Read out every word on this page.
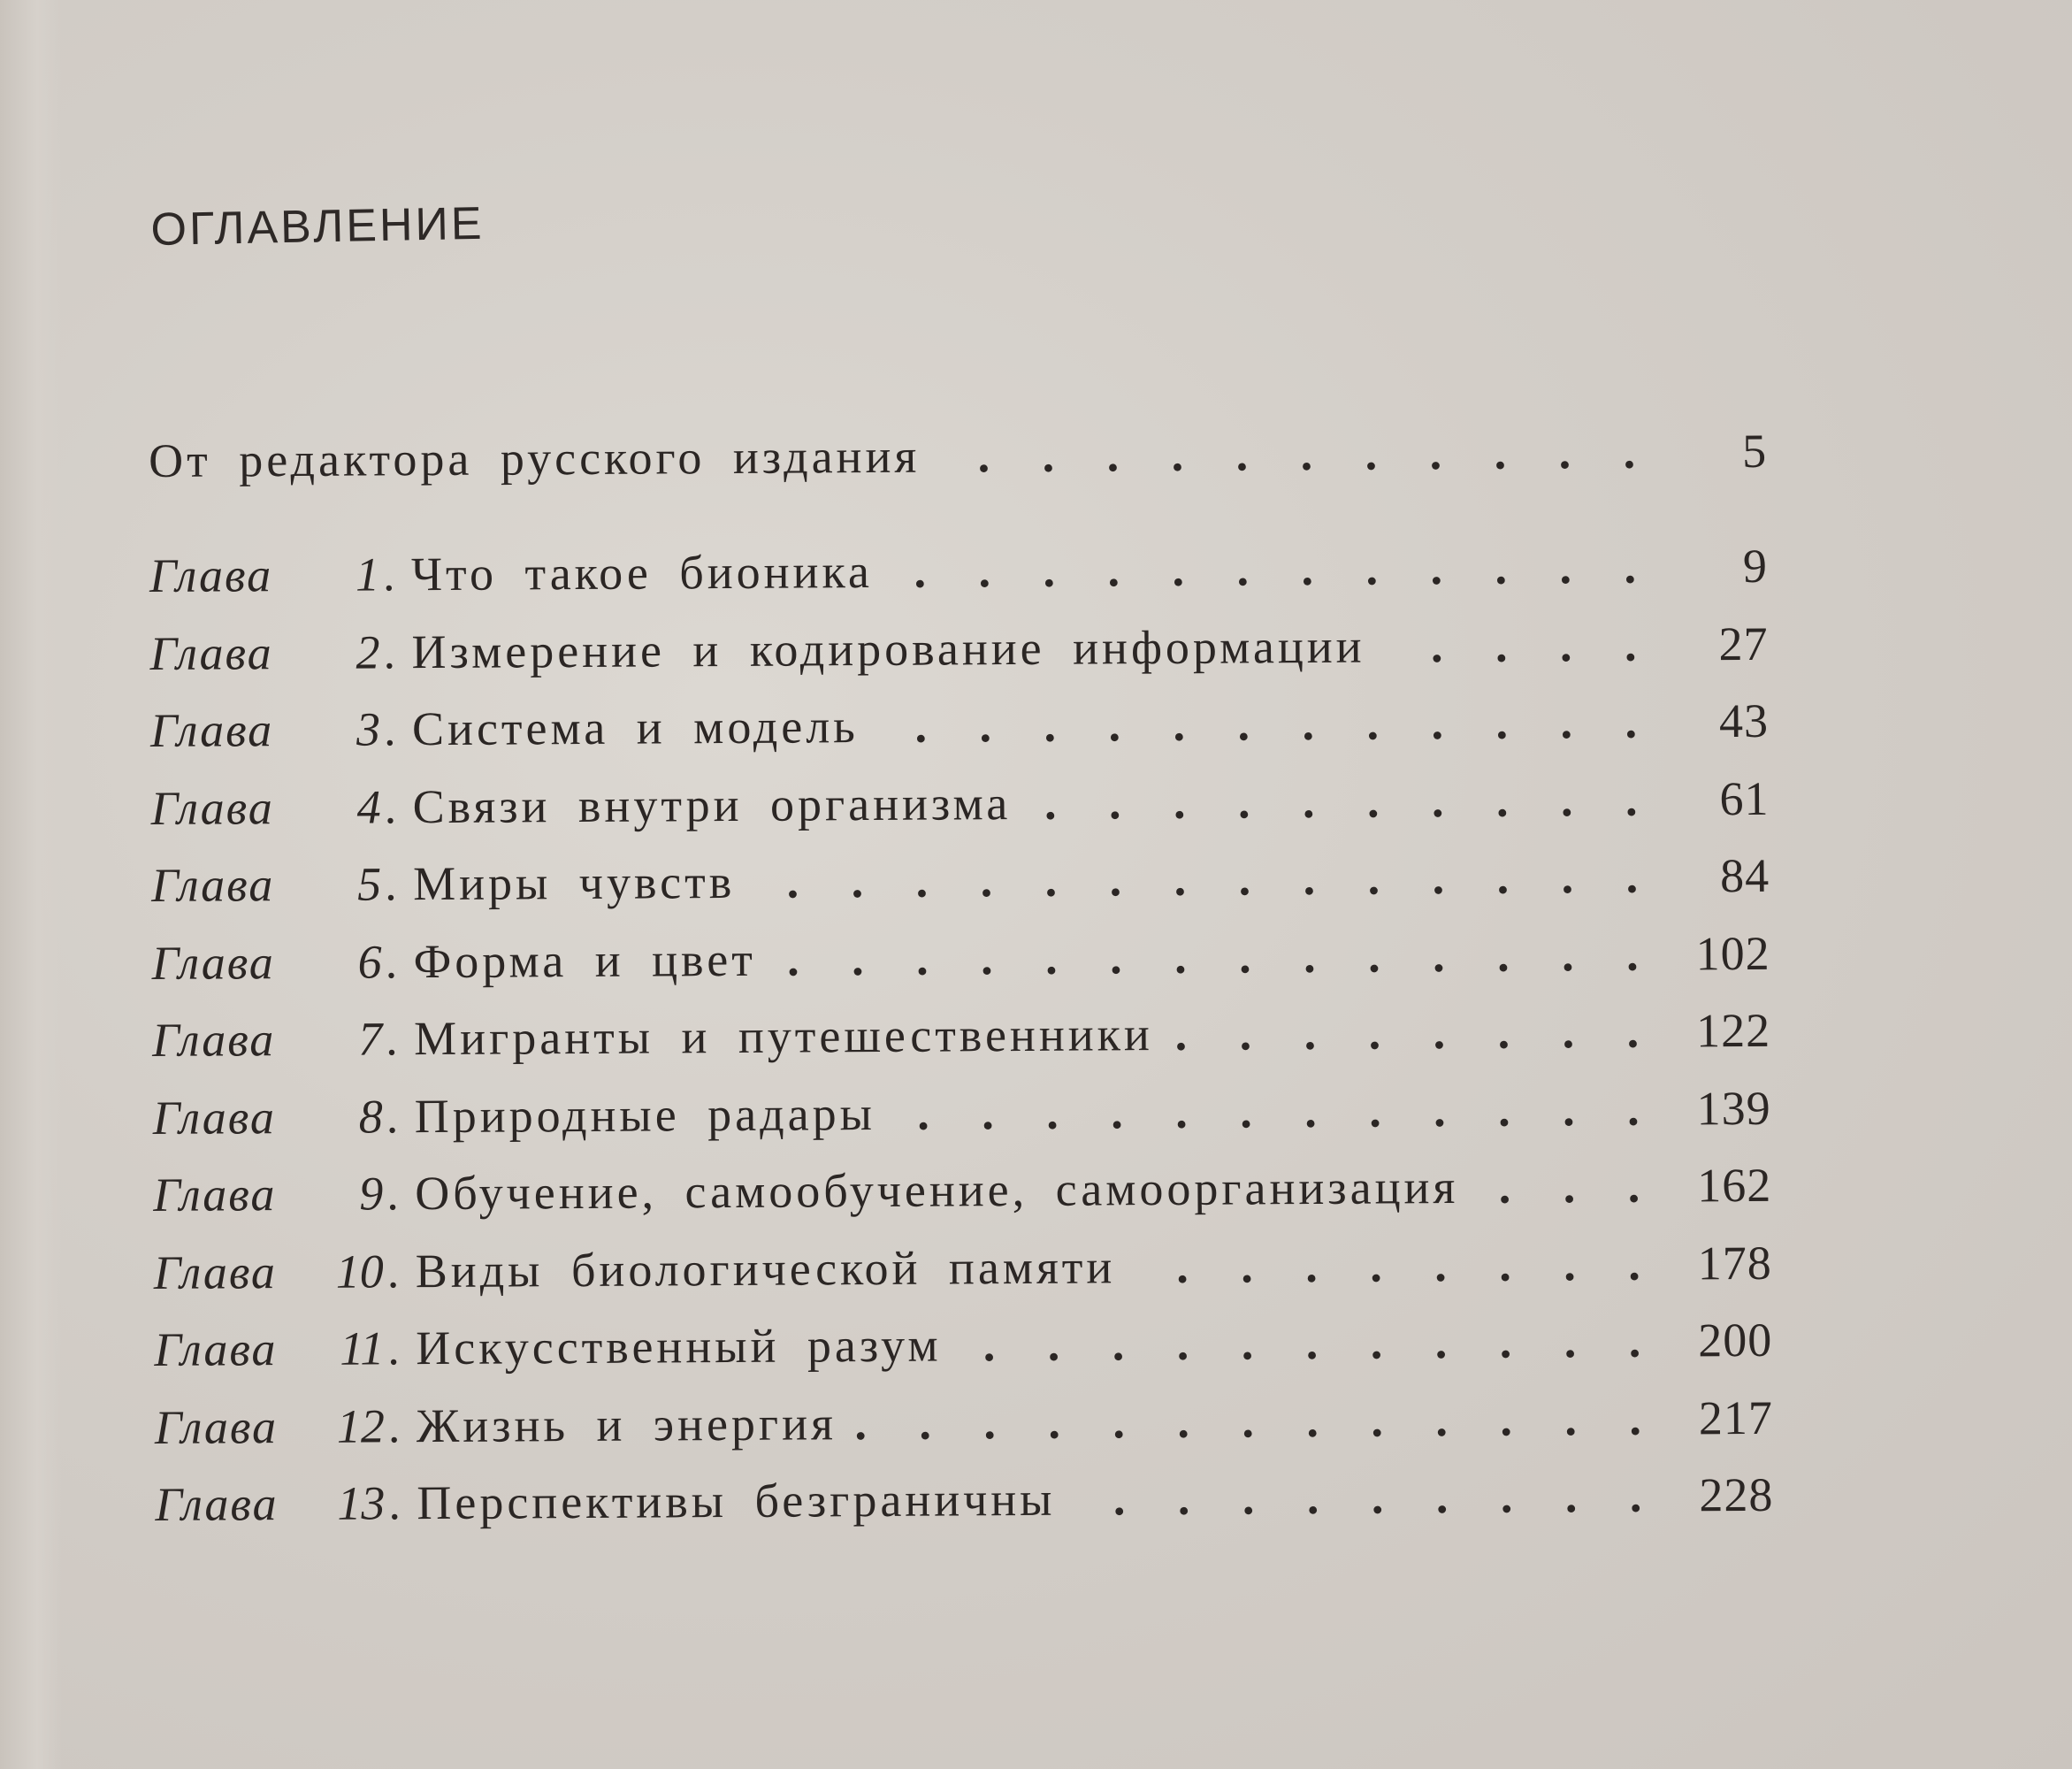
ОГЛАВЛЕНИЕ
От редактора русского издания . . .	5
Глава	1 . Что такое бионика . . .	9
Глава	2 . Измерение и кодирование информации . . .	27
Глава	3 . Система и модель . . .	43
Глава	4 . Связи внутри организма . . .	61
Глава	5 . Миры чувств . . .	84
Глава	6 . Форма и цвет . . .	102
Глава	7 . Мигранты и путешественники . . .	122
Глава	8 . Природные радары . . .	139
Глава	9 . Обучение, самообучение, самоорганизация . . .	162
Глава	10 . Виды биологической памяти . . .	178
Глава	11 . Искусственный разум . . .	200
Глава	12 . Жизнь и энергия . . .	217
Глава	13 . Перспективы безграничны . . .	228
